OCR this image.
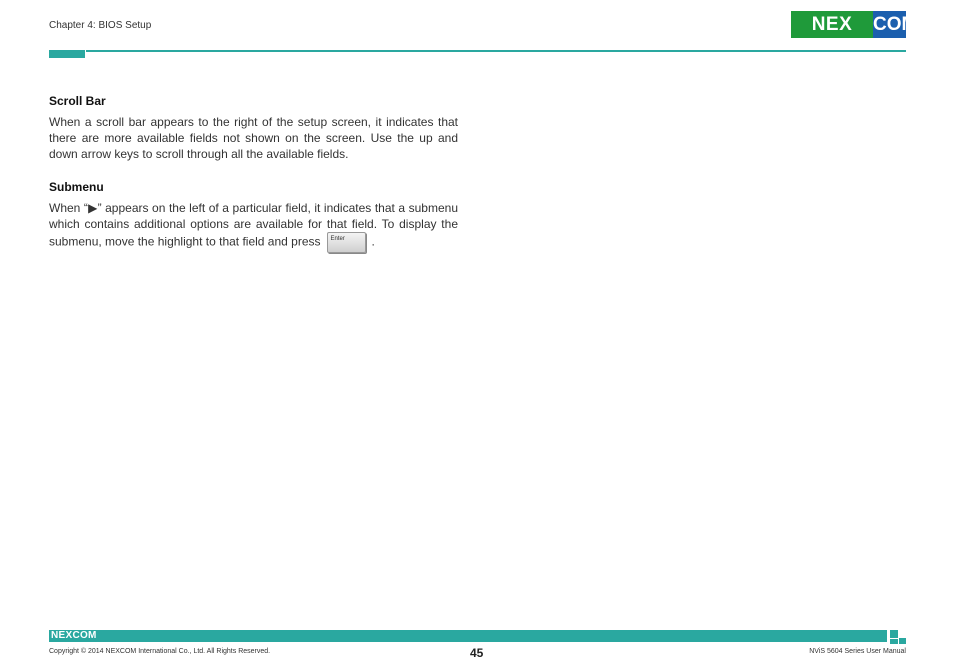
Chapter 4: BIOS Setup	NEX	COM
Scroll Bar

When a scroll bar appears to the right of the setup screen, it indicates that there are more available fields not shown on the screen. Use the up and down arrow keys to scroll through all the available fields.

Submenu

When “▶” appears on the left of a particular field, it indicates that a submenu which contains additional options are available for that field. To display the submenu, move the highlight to that field and press Enter .

NEXCOM
Copyright © 2014 NEXCOM International Co., Ltd. All Rights Reserved.	45	NViS 5604 Series User Manual
